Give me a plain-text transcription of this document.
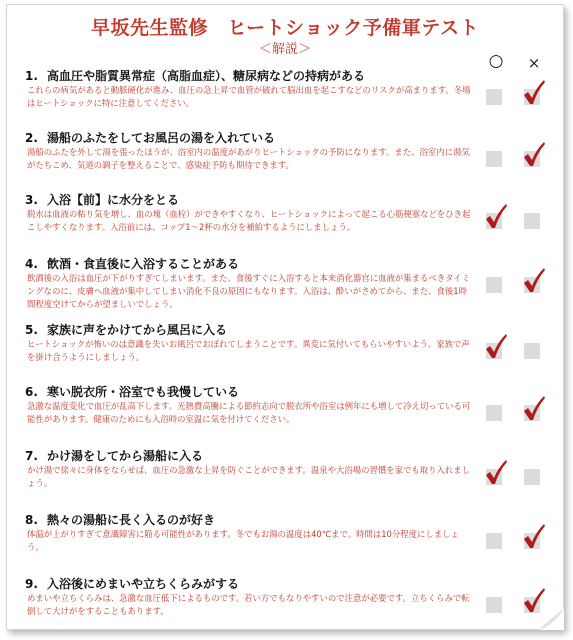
早坂先生監修　ヒートショック予備軍テスト
＜解説＞
○	×
1. 高血圧や脂質異常症（高脂血症）、糖尿病などの持病がある
これらの病気があると動脈硬化が進み、血圧の急上昇で血管が破れて脳出血を起こすなどのリスクが高まります。冬場はヒートショックに特に注意してください。
2. 湯船のふたをしてお風呂の湯を入れている
湯船のふたを外して湯を張ったほうが、浴室内の温度があがりヒートショックの予防になります。また、浴室内に湯気がたちこめ、気道の調子を整えることで、感染症予防も期待できます。
3. 入浴【前】に水分をとる
脱水は血液の粘り気を増し、血の塊（血栓）ができやすくなり、ヒートショックによって起こる心筋梗塞などをひき起こしやすくなります。入浴前には、コップ1～2杯の水分を補給するようにしましょう。
4. 飲酒・食直後に入浴することがある
飲酒後の入浴は血圧が下がりすぎてしまいます。また、食後すぐに入浴すると本来消化器官に血液が集まるべきタイミングなのに、皮膚へ血液が集中してしまい消化不良の原因にもなります。入浴は、酔いがさめてから、また、食後1時間程度空けてからが望ましいでしょう。
5. 家族に声をかけてから風呂に入る
ヒートショックが怖いのは意識を失いお風呂でおぼれてしまうことです。異変に気付いてもらいやすいよう、家族で声を掛け合うようにしましょう。
6. 寒い脱衣所・浴室でも我慢している
急激な温度変化で血圧が乱高下します。光熱費高騰による節約志向で脱衣所や浴室は例年にも増して冷え切っている可能性があります。健康のためにも入浴時の室温に気を付けてください。
7. かけ湯をしてから湯船に入る
かけ湯で徐々に身体をならせば、血圧の急激な上昇を防ぐことができます。温泉や大浴場の習慣を家でも取り入れましょう。
8. 熱々の湯船に長く入るのが好き
体温が上がりすぎて意識障害に陥る可能性があります。冬でもお湯の温度は40℃まで。時間は10分程度にしましょう。
9. 入浴後にめまいや立ちくらみがする
めまいや立ちくらみは、急激な血圧低下によるものです。若い方でもなりやすいので注意が必要です。立ちくらみで転倒して大けがをすることもあります。
